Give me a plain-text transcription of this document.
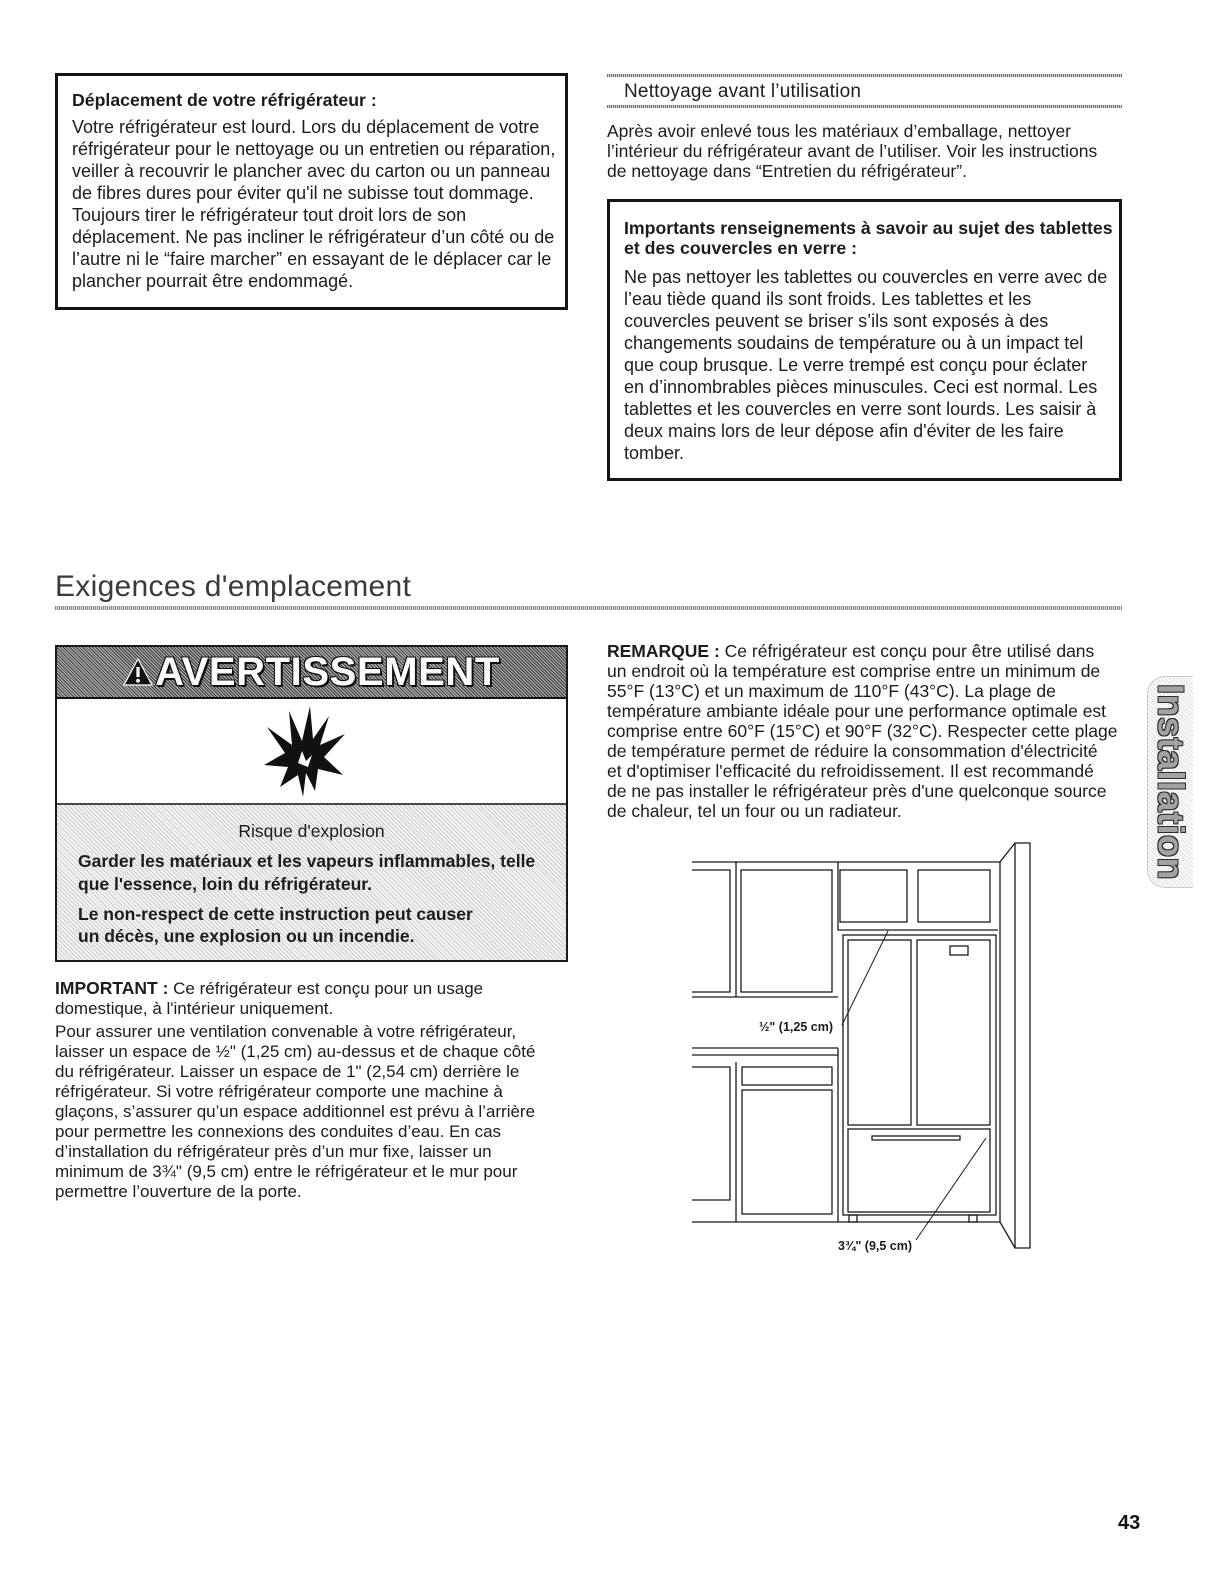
Déplacement de votre réfrigérateur :
Votre réfrigérateur est lourd. Lors du déplacement de votre
réfrigérateur pour le nettoyage ou un entretien ou réparation,
veiller à recouvrir le plancher avec du carton ou un panneau
de fibres dures pour éviter qu'il ne subisse tout dommage.
Toujours tirer le réfrigérateur tout droit lors de son
déplacement. Ne pas incliner le réfrigérateur d’un côté ou de
l’autre ni le “faire marcher” en essayant de le déplacer car le
plancher pourrait être endommagé.
Nettoyage avant l’utilisation
Après avoir enlevé tous les matériaux d’emballage, nettoyer
l’intérieur du réfrigérateur avant de l’utiliser. Voir les instructions
de nettoyage dans “Entretien du réfrigérateur”.
Importants renseignements à savoir au sujet des tablettes
et des couvercles en verre :
Ne pas nettoyer les tablettes ou couvercles en verre avec de
l’eau tiède quand ils sont froids. Les tablettes et les
couvercles peuvent se briser s’ils sont exposés à des
changements soudains de température ou à un impact tel
que coup brusque. Le verre trempé est conçu pour éclater
en d’innombrables pièces minuscules. Ceci est normal. Les
tablettes et les couvercles en verre sont lourds. Les saisir à
deux mains lors de leur dépose afin d'éviter de les faire
tomber.
Exigences d'emplacement
AVERTISSEMENT
Risque d'explosion
Garder les matériaux et les vapeurs inflammables, telle
que l'essence, loin du réfrigérateur.
Le non-respect de cette instruction peut causer
un décès, une explosion ou un incendie.
IMPORTANT : Ce réfrigérateur est conçu pour un usage
domestique, à l'intérieur uniquement.
Pour assurer une ventilation convenable à votre réfrigérateur,
laisser un espace de ½" (1,25 cm) au-dessus et de chaque côté
du réfrigérateur. Laisser un espace de 1" (2,54 cm) derrière le
réfrigérateur. Si votre réfrigérateur comporte une machine à
glaçons, s’assurer qu’un espace additionnel est prévu à l’arrière
pour permettre les connexions des conduites d’eau. En cas
d’installation du réfrigérateur près d’un mur fixe, laisser un
minimum de 3¾" (9,5 cm) entre le réfrigérateur et le mur pour
permettre l’ouverture de la porte.
REMARQUE : Ce réfrigérateur est conçu pour être utilisé dans
un endroit où la température est comprise entre un minimum de
55°F (13°C) et un maximum de 110°F (43°C). La plage de
température ambiante idéale pour une performance optimale est
comprise entre 60°F (15°C) et 90°F (32°C). Respecter cette plage
de température permet de réduire la consommation d'électricité
et d'optimiser l'efficacité du refroidissement. Il est recommandé
de ne pas installer le réfrigérateur près d'une quelconque source
de chaleur, tel un four ou un radiateur.
½" (1,25 cm)
3¾" (9,5 cm)
Installation
43
